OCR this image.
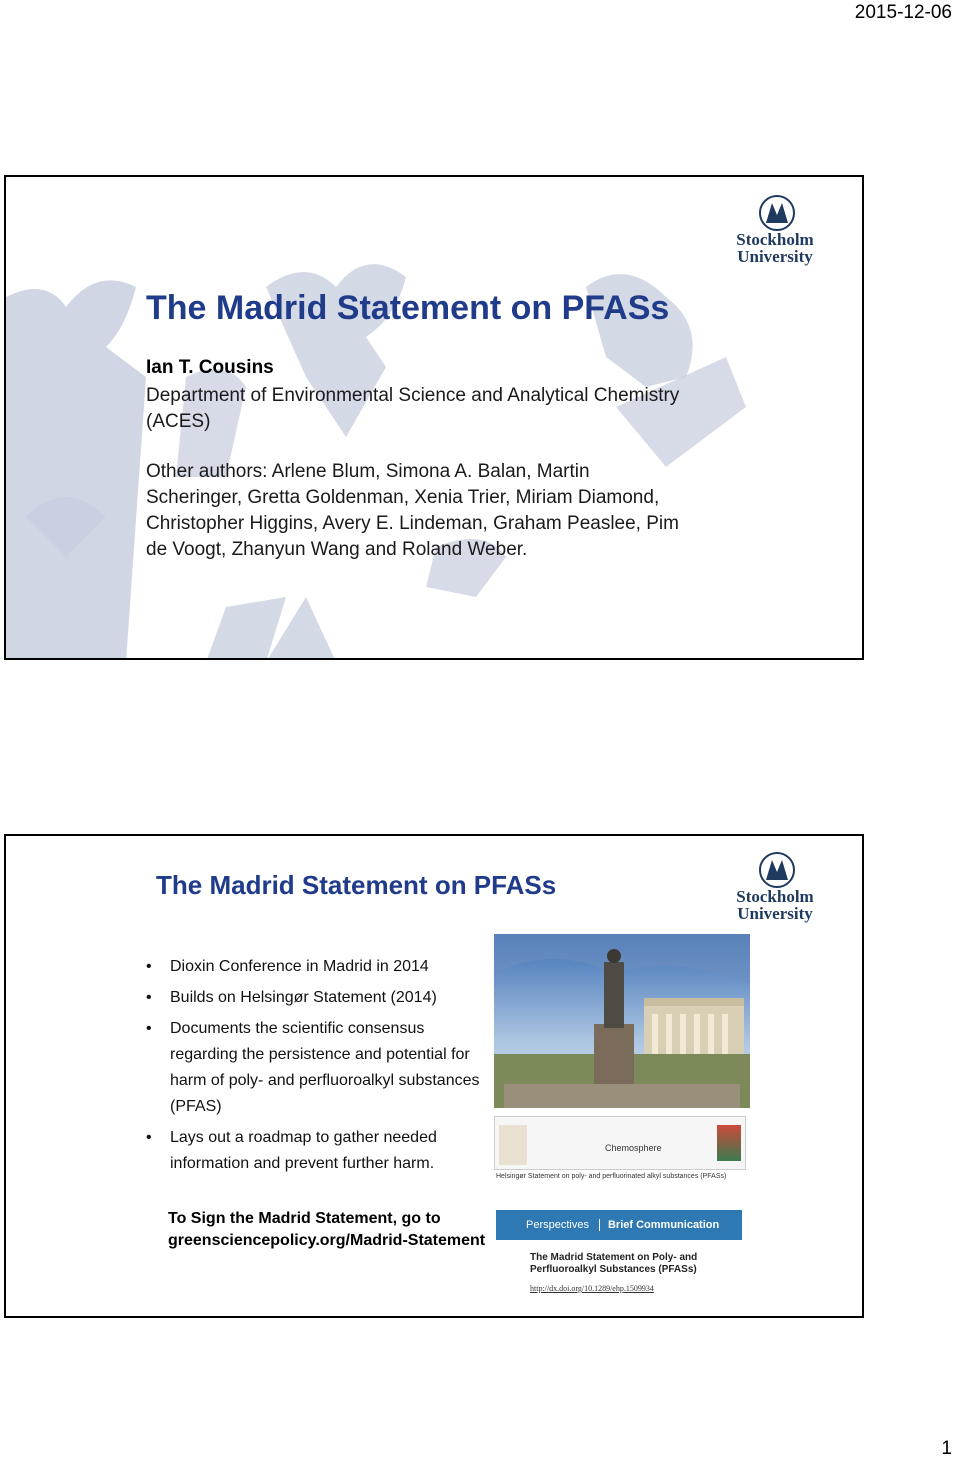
2015-12-06
Stockholm University
The Madrid Statement on PFASs
Ian T. Cousins
Department of Environmental Science and Analytical Chemistry (ACES)
Other authors: Arlene Blum, Simona A. Balan, Martin Scheringer, Gretta Goldenman, Xenia Trier, Miriam Diamond, Christopher Higgins, Avery E. Lindeman, Graham Peaslee, Pim de Voogt, Zhanyun Wang and Roland Weber.
Stockholm University
The Madrid Statement on PFASs
• Dioxin Conference in Madrid in 2014
• Builds on Helsingør Statement (2014)
• Documents the scientific consensus regarding the persistence and potential for harm of poly- and perfluoroalkyl substances (PFAS)
• Lays out a roadmap to gather needed information and prevent further harm.
To Sign the Madrid Statement, go to greensciencepolicy.org/Madrid-Statement
Chemosphere
Helsingør Statement on poly- and perfluorinated alkyl substances (PFASs)
Perspectives Brief Communication
The Madrid Statement on Poly- and Perfluoroalkyl Substances (PFASs)
http://dx.doi.org/10.1289/ehp.1509934
1
